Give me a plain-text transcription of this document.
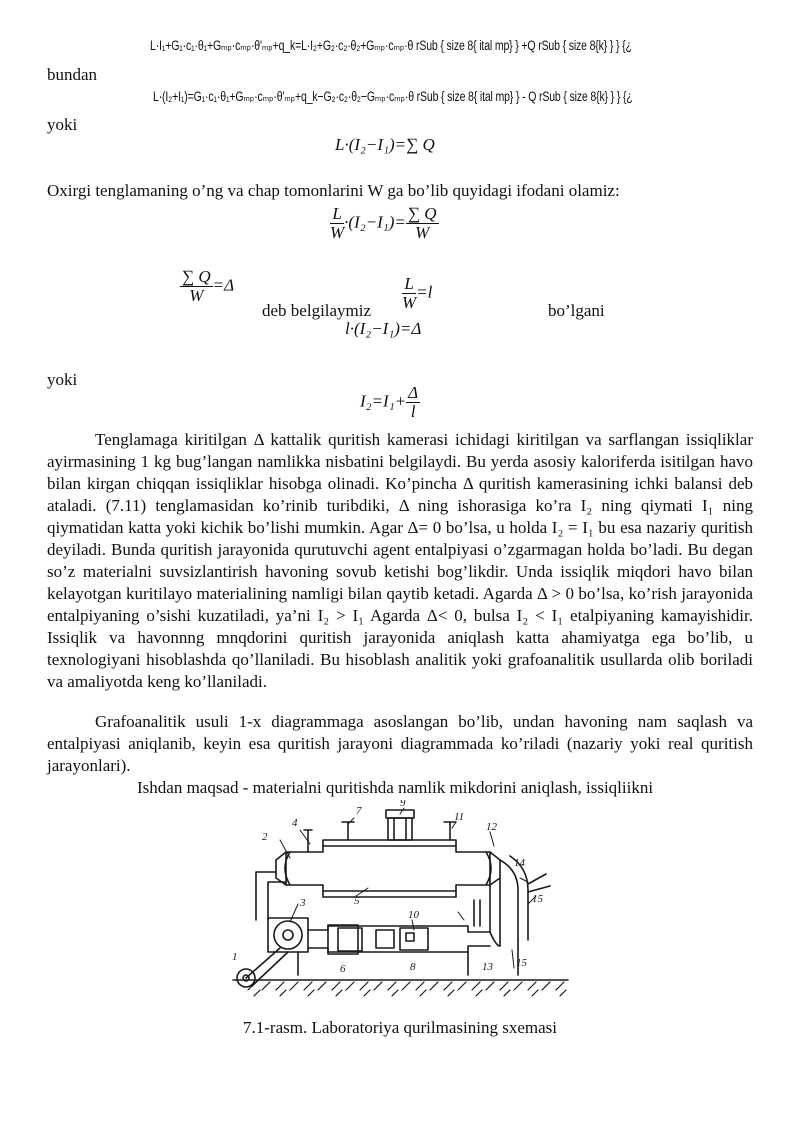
L·I₁+G₁·c₁·θ₁+Gₘₚ·cₘₚ·θ'ₘₚ+q_k=L·I₂+G₂·c₂·θ₂+Gₘₚ·cₘₚ·θ rSub { size 8{ ital mp} } +Q rSub { size 8{k} } } {¿
bundan
L·(I₂+I₁)=G₁·c₁·θ₁+Gₘₚ·cₘₚ·θ'ₘₚ+q_k−G₂·c₂·θ₂−Gₘₚ·cₘₚ·θ rSub { size 8{ ital mp} } - Q rSub { size 8{k} } } {¿
yoki
L·(I₂−I₁)=∑ Q
Oxirgi tenglamaning o’ng va chap tomonlarini W ga bo’lib quyidagi ifodani olamiz:
$\frac{L}{W} \cdot(I_2-I_1)= \frac{\sum Q}{W}$
$\frac{\sum Q}{W} =\Delta$
deb belgilaymiz $\frac{L}{W} =l$
bo’lgani
l·(I₂−I₁)=Δ
yoki
$I_2=I_1+ \frac{\Delta}{l}$
Tenglamaga kiritilgan Δ kattalik quritish kamerasi ichidagi kiritilgan va sarflangan issiqliklar ayirmasining 1 kg bug’langan namlikka nisbatini belgilaydi. Bu yerda asosiy kaloriferda isitilgan havo bilan kirgan chiqqan issiqliklar hisobga olinadi. Ko’pincha Δ quritish kamerasining ichki balansi deb ataladi. (7.11) tenglamasidan ko’rinib turibdiki, Δ ning ishorasiga ko’ra I₂ ning qiymati I₁ ning qiymatidan katta yoki kichik bo’lishi mumkin. Agar Δ= 0 bo’lsa, u holda I₂ = I₁ bu esa nazariy quritish deyiladi. Bunda quritish jarayonida qurutuvchi agent entalpiyasi o’zgarmagan holda bo’ladi. Bu degan so’z materialni suvsizlantirish havoning sovub ketishi bog’likdir. Unda issiqlik miqdori havo bilan kelayotgan kuritilayo materialining namligi bilan qaytib ketadi. Agarda Δ > 0 bo’lsa, ko’rish jarayonida entalpiyaning o’sishi kuzatiladi, ya’ni I₂ > I₁ Agarda Δ< 0, bulsa I₂ < I₁ etalpiyaning kamayishidir. Issiqlik va havonnng mnqdorini quritish jarayonida aniqlash katta ahamiyatga ega bo’lib, u texnologiyani hisoblashda qo’llaniladi. Bu hisoblash analitik yoki grafoanalitik usullarda olib boriladi va amaliyotda keng ko’llaniladi.
Grafoanalitik usuli 1-x diagrammaga asoslangan bo’lib, undan havoning nam saqlash va entalpiyasi aniqlanib, keyin esa quritish jarayoni diagrammada ko’riladi (nazariy yoki real quritish jarayonlari).
Ishdan maqsad - materialni quritishda namlik mikdorini aniqlash, issiqliikni
2
4
7
9
11
12
5
3
10
1
6	8	13 15
14
15
7.1-rasm. Laboratoriya qurilmasining sxemasi
